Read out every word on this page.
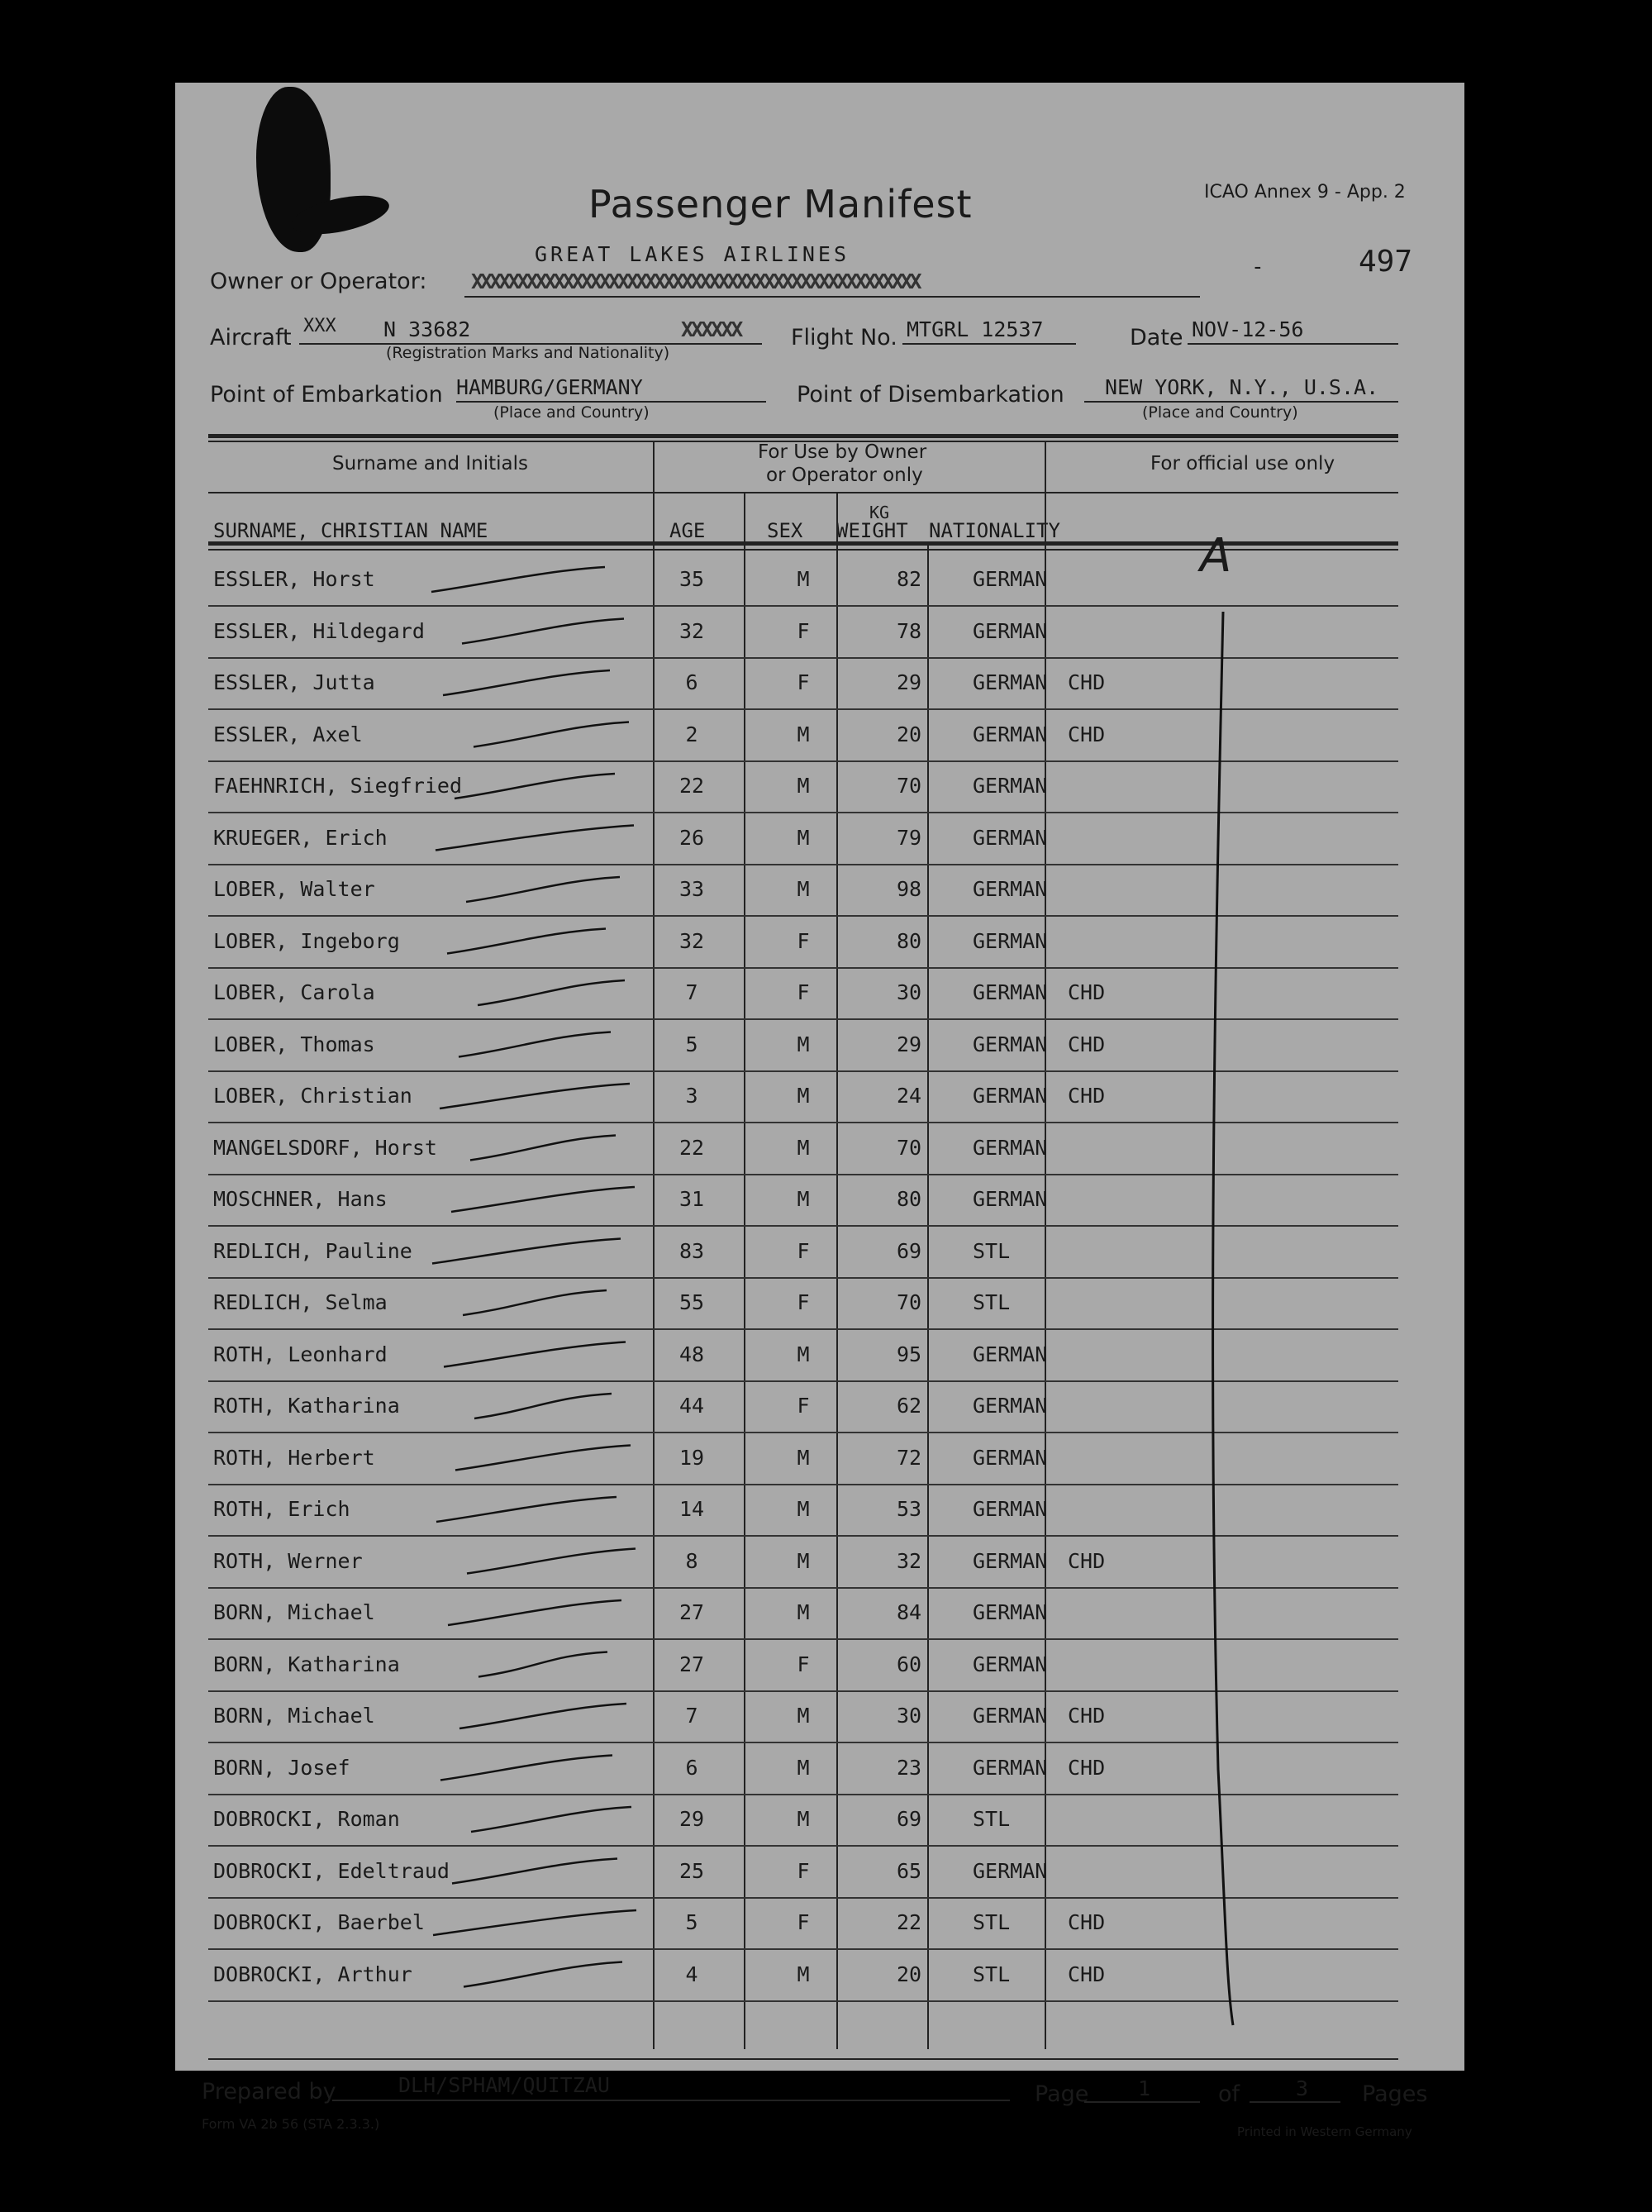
Passenger Manifest	ICAO Annex 9 - App. 2
497
-
Owner or Operator:
GREAT LAKES AIRLINES
XXXXXXXXXXXXXXXXXXXXXXXXXXXXXXXXXXXXXXXXXXXXXXXXX
Aircraft XXX N 33682	XXXXXX
(Registration Marks and Nationality)
Flight No. MTGRL 12537	Date NOV-12-56
Point of Embarkation HAMBURG/GERMANY
(Place and Country)
Point of Disembarkation NEW YORK, N.Y., U.S.A.
(Place and Country)
Surname and Initials
For Use by Owner
or Operator only
For official use only
SURNAME, CHRISTIAN NAME	AGE	SEX
KG
WEIGHT NATIONALITY	A
ESSLER, Horst	35	M	82	GERMAN
ESSLER, Hildegard	32	F	78	GERMAN
ESSLER, Jutta	6	F	29	GERMAN CHD
ESSLER, Axel	2	M	20	GERMAN CHD
FAEHNRICH, Siegfried	22	M	70	GERMAN
KRUEGER, Erich	26	M	79	GERMAN
LOBER, Walter	33	M	98	GERMAN
LOBER, Ingeborg	32	F	80	GERMAN
LOBER, Carola	7	F	30	GERMAN CHD
LOBER, Thomas	5	M	29	GERMAN CHD
LOBER, Christian	3	M	24	GERMAN CHD
MANGELSDORF, Horst	22	M	70	GERMAN
MOSCHNER, Hans	31	M	80	GERMAN
REDLICH, Pauline	83	F	69	STL
REDLICH, Selma	55	F	70	STL
ROTH, Leonhard	48	M	95	GERMAN
ROTH, Katharina	44	F	62	GERMAN
ROTH, Herbert	19	M	72	GERMAN
ROTH, Erich	14	M	53	GERMAN
ROTH, Werner	8	M	32	GERMAN CHD
BORN, Michael	27	M	84	GERMAN
BORN, Katharina	27	F	60	GERMAN
BORN, Michael	7	M	30	GERMAN CHD
BORN, Josef	6	M	23	GERMAN CHD
DOBROCKI, Roman	29	M	69	STL
DOBROCKI, Edeltraud	25	F	65	GERMAN
DOBROCKI, Baerbel	5	F	22	STL	CHD
DOBROCKI, Arthur	4	M	20	STL	CHD
Prepared by	DLH/SPHAM/QUITZAU	Page 1	of	3 Pages
Form VA 2b 56 (STA 2.3.3.)	Printed in Western Germany
